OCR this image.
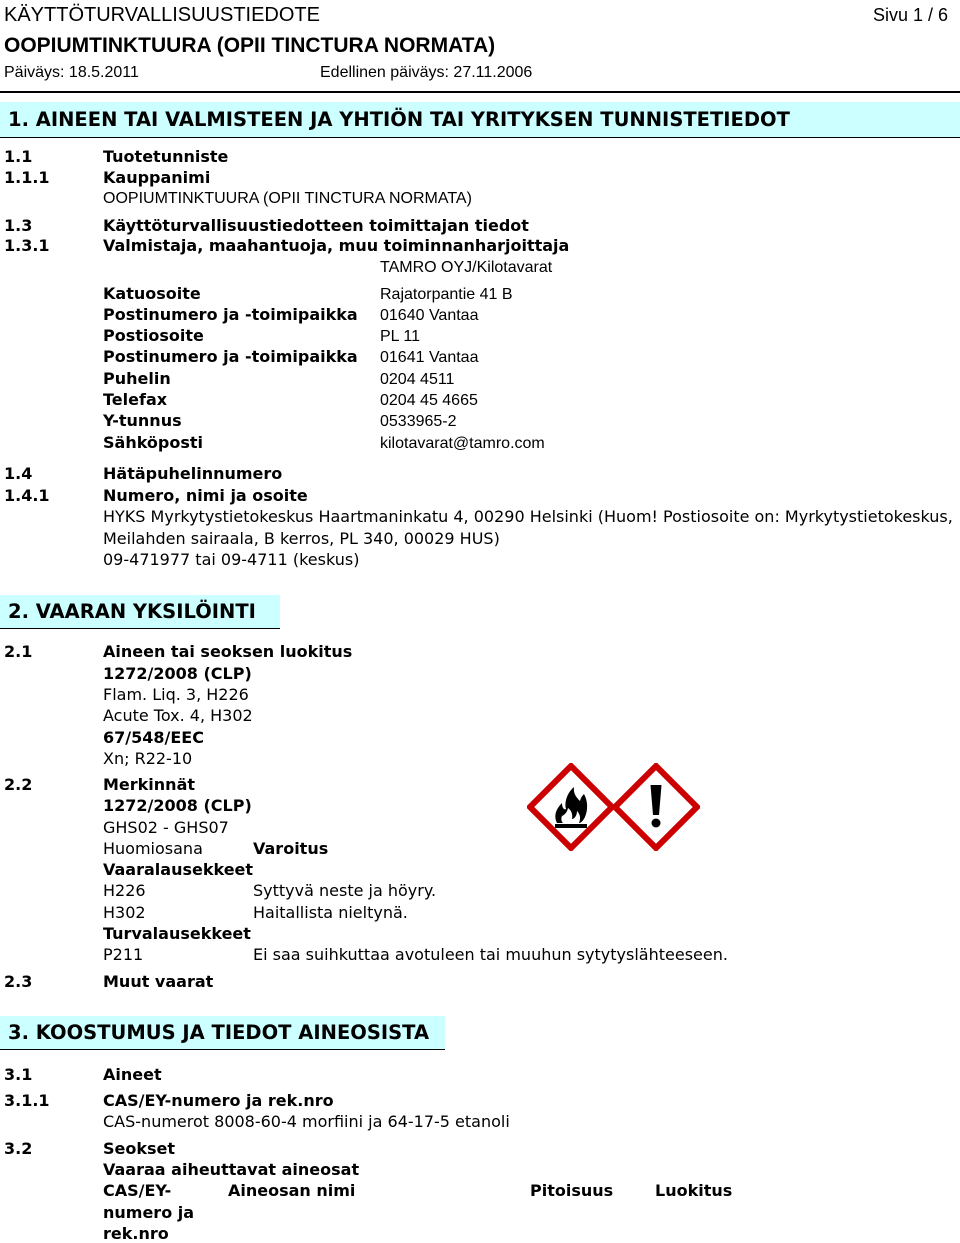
KÄYTTÖTURVALLISUUSTIEDOTE	Sivu 1 / 6
OOPIUMTINKTUURA (OPII TINCTURA NORMATA)
Päiväys: 18.5.2011	Edellinen päiväys: 27.11.2006
1. AINEEN TAI VALMISTEEN JA YHTIÖN TAI YRITYKSEN TUNNISTETIEDOT
1.1	Tuotetunniste
1.1.1	Kauppanimi
OOPIUMTINKTUURA (OPII TINCTURA NORMATA)
1.3	Käyttöturvallisuustiedotteen toimittajan tiedot
1.3.1	Valmistaja, maahantuoja, muu toiminnanharjoittaja
TAMRO OYJ/Kilotavarat
Katuosoite	Rajatorpantie 41 B
Postinumero ja -toimipaikka 01640 Vantaa
Postiosoite	PL 11
Postinumero ja -toimipaikka 01641 Vantaa
Puhelin	0204 4511
Telefax	0204 45 4665
Y-tunnus	0533965-2
Sähköposti	kilotavarat@tamro.com
1.4	Hätäpuhelinnumero
1.4.1	Numero, nimi ja osoite
HYKS Myrkytystietokeskus Haartmaninkatu 4, 00290 Helsinki (Huom! Postiosoite on: Myrkytystietokeskus,
Meilahden sairaala, B kerros, PL 340, 00029 HUS)
09-471977 tai 09-4711 (keskus)
2. VAARAN YKSILÖINTI
2.1	Aineen tai seoksen luokitus
1272/2008 (CLP)
Flam. Liq. 3, H226
Acute Tox. 4, H302
67/548/EEC
Xn; R22-10
2.2	Merkinnät
1272/2008 (CLP)
GHS02 - GHS07
Huomiosana	Varoitus
Vaaralausekkeet
H226	Syttyvä neste ja höyry.
H302	Haitallista nieltynä.
Turvalausekkeet
P211	Ei saa suihkuttaa avotuleen tai muuhun sytytyslähteeseen.
2.3	Muut vaarat
3. KOOSTUMUS JA TIEDOT AINEOSISTA
3.1	Aineet
3.1.1	CAS/EY-numero ja rek.nro
CAS-numerot 8008-60-4 morfiini ja 64-17-5 etanoli
3.2	Seokset
Vaaraa aiheuttavat aineosat
CAS/EY-
numero ja
rek.nro
Aineosan nimi	Pitoisuus	Luokitus
